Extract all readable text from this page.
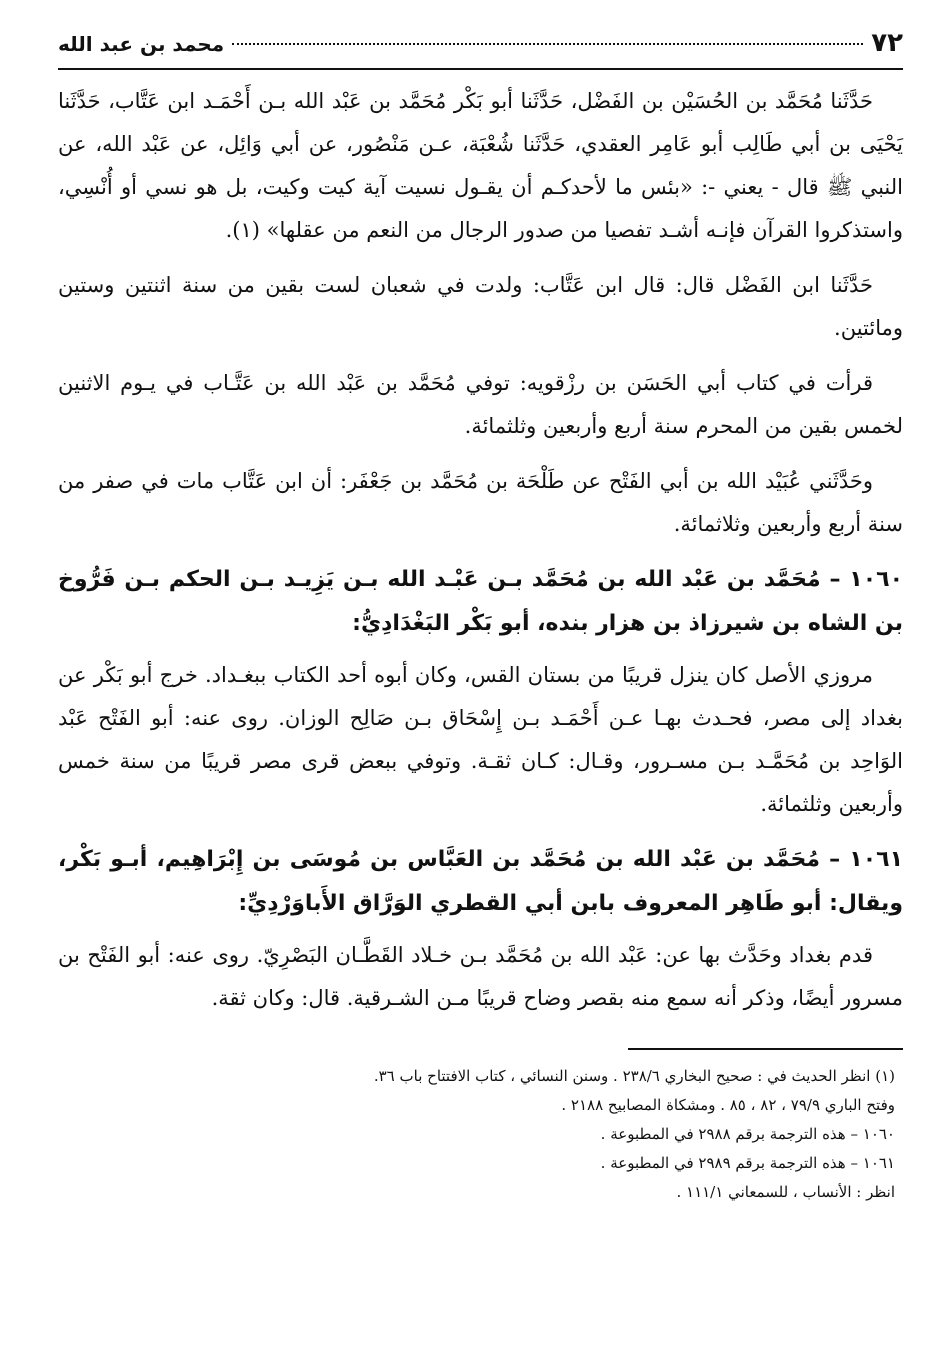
٧٢
محمد بن عبد الله

حَدَّثَنا مُحَمَّد بن الحُسَيْن بن الفَضْل، حَدَّثَنا أبو بَكْر مُحَمَّد بن عَبْد الله بـن أَحْمَـد ابن عَتَّاب، حَدَّثَنا يَحْيَى بن أبي طَالِب أبو عَامِر العقدي، حَدَّثَنا شُعْبَة، عـن مَنْصُور، عن أبي وَائِل، عن عَبْد الله، عن النبي ﷺ قال - يعني -: «بئس ما لأحدكـم أن يقـول نسيت آية كيت وكيت، بل هو نسي أو أُنْسِي، واستذكروا القرآن فإنـه أشـد تفصيا من صدور الرجال من النعم من عقلها» (١).

حَدَّثَنا ابن الفَضْل قال: قال ابن عَتَّاب: ولدت في شعبان لست بقين من سنة اثنتين وستين ومائتين.

قرأت في كتاب أبي الحَسَن بن رزْقويه: توفي مُحَمَّد بن عَبْد الله بن عَتَّـاب في يـوم الاثنين لخمس بقين من المحرم سنة أربع وأربعين وثلثمائة.

وحَدَّثَني عُبَيْد الله بن أبي الفَتْح عن طَلْحَة بن مُحَمَّد بن جَعْفَر: أن ابن عَتَّاب مات في صفر من سنة أربع وأربعين وثلاثمائة.

١٠٦٠ – مُحَمَّد بن عَبْد الله بن مُحَمَّد بـن عَبْـد الله بـن يَزِيـد بـن الحكم بـن فَرُّوخ بن الشاه بن شيرزاذ بن هزار بنده، أبو بَكْر البَغْدَادِيُّ:

مروزي الأصل كان ينزل قريبًا من بستان القس، وكان أبوه أحد الكتاب ببغـداد. خرج أبو بَكْر عن بغداد إلى مصر، فحـدث بهـا عـن أَحْمَـد بـن إِسْحَاق بـن صَالِح الوزان. روى عنه: أبو الفَتْح عَبْد الوَاحِد بن مُحَمَّـد بـن مسـرور، وقـال: كـان ثقـة. وتوفي ببعض قرى مصر قريبًا من سنة خمس وأربعين وثلثمائة.

١٠٦١ – مُحَمَّد بن عَبْد الله بن مُحَمَّد بن العَبَّاس بن مُوسَى بن إِبْرَاهِيم، أبـو بَكْر، ويقال: أبو طَاهِر المعروف بابن أبي القطري الوَرَّاق الأَباوَرْدِيِّ:

قدم بغداد وحَدَّث بها عن: عَبْد الله بن مُحَمَّد بـن خـلاد القَطَّـان البَصْرِيّ. روى عنه: أبو الفَتْح بن مسرور أيضًا، وذكر أنه سمع منه بقصر وضاح قريبًا مـن الشـرقية. قال: وكان ثقة.

(١) انظر الحديث في : صحيح البخاري ٢٣٨/٦ . وسنن النسائي ، كتاب الافتتاح باب ٣٦.

وفتح الباري ٧٩/٩ ، ٨٢ ، ٨٥ . ومشكاة المصابيح ٢١٨٨ .

١٠٦٠ – هذه الترجمة برقم ٢٩٨٨ في المطبوعة .

١٠٦١ – هذه الترجمة برقم ٢٩٨٩ في المطبوعة .

انظر : الأنساب ، للسمعاني ١١١/١ .
